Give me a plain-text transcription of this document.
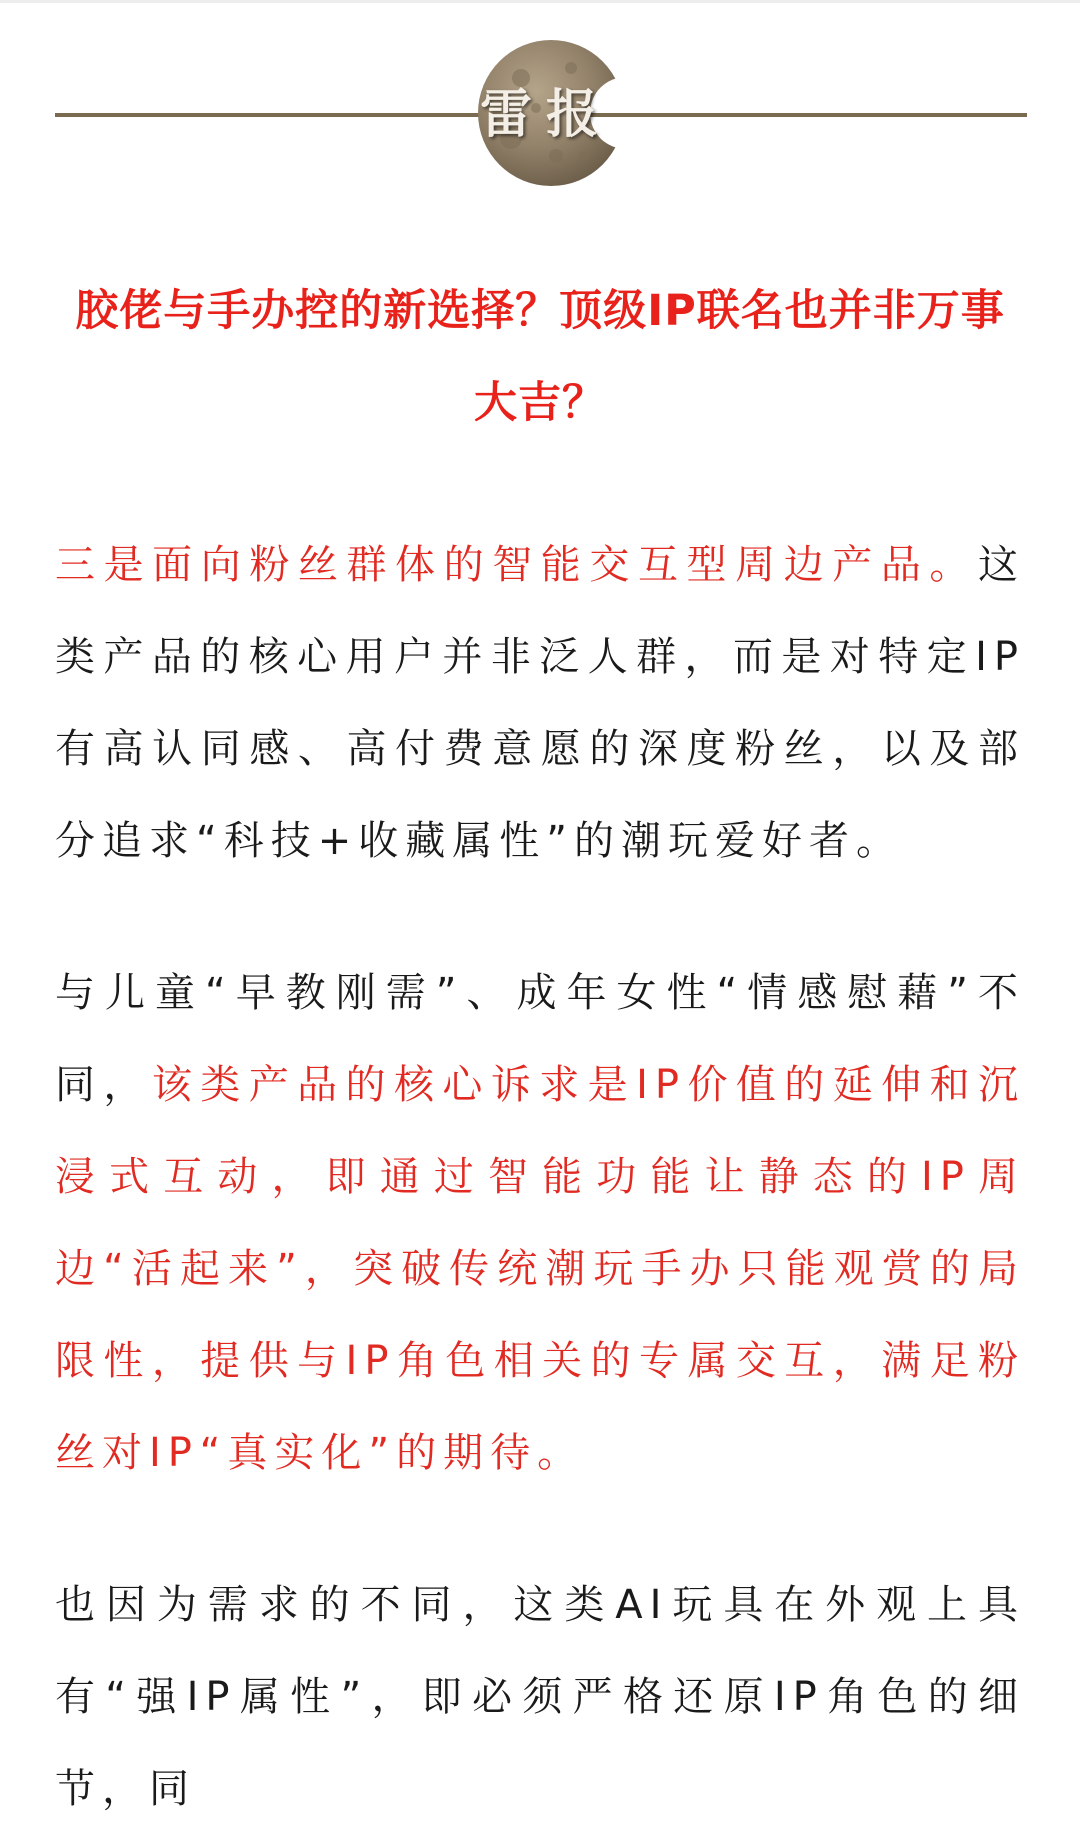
雷报
胶佬与手办控的新选择？顶级IP联名也并非万事大吉？

三是面向粉丝群体的智能交互型周边产品。这类产品的核心用户并非泛人群，而是对特定IP有高认同感、高付费意愿的深度粉丝，以及部分追求“科技+收藏属性”的潮玩爱好者。

与儿童“早教刚需”、成年女性“情感慰藉”不同，该类产品的核心诉求是IP价值的延伸和沉浸式互动，即通过智能功能让静态的IP周边“活起来”，突破传统潮玩手办只能观赏的局限性，提供与IP角色相关的专属交互，满足粉丝对IP“真实化”的期待。

也因为需求的不同，这类AI玩具在外观上具有“强IP属性”，即必须严格还原IP角色的细节，同
